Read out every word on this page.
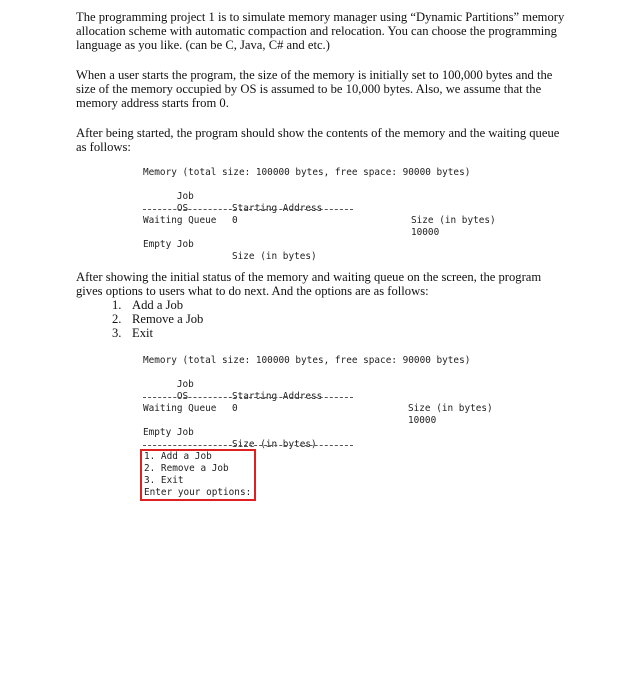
The programming project 1 is to simulate memory manager using “Dynamic Partitions” memory allocation scheme with automatic compaction and relocation. You can choose the programming language as you like. (can be C, Java, C# and etc.)

When a user starts the program, the size of the memory is initially set to 100,000 bytes and the size of the memory occupied by OS is assumed to be 10,000 bytes. Also, we assume that the memory address starts from 0.

After being started, the program should show the contents of the memory and the waiting queue as follows:

Memory (total size: 100000 bytes, free space: 90000 bytes)

Job

Starting Address

Size (in bytes)

OS

0

10000

Waiting Queue

Job

Size (in bytes)

Empty

After showing the initial status of the memory and waiting queue on the screen, the program gives options to users what to do next. And the options are as follows:

1. Add a Job
2. Remove a Job
3. Exit
Memory (total size: 100000 bytes, free space: 90000 bytes)

Job

Starting Address

Size (in bytes)

OS

0

10000

Waiting Queue

Job

Size (in bytes)

Empty
1. Add a Job
2. Remove a Job
3. Exit
Enter your options:
